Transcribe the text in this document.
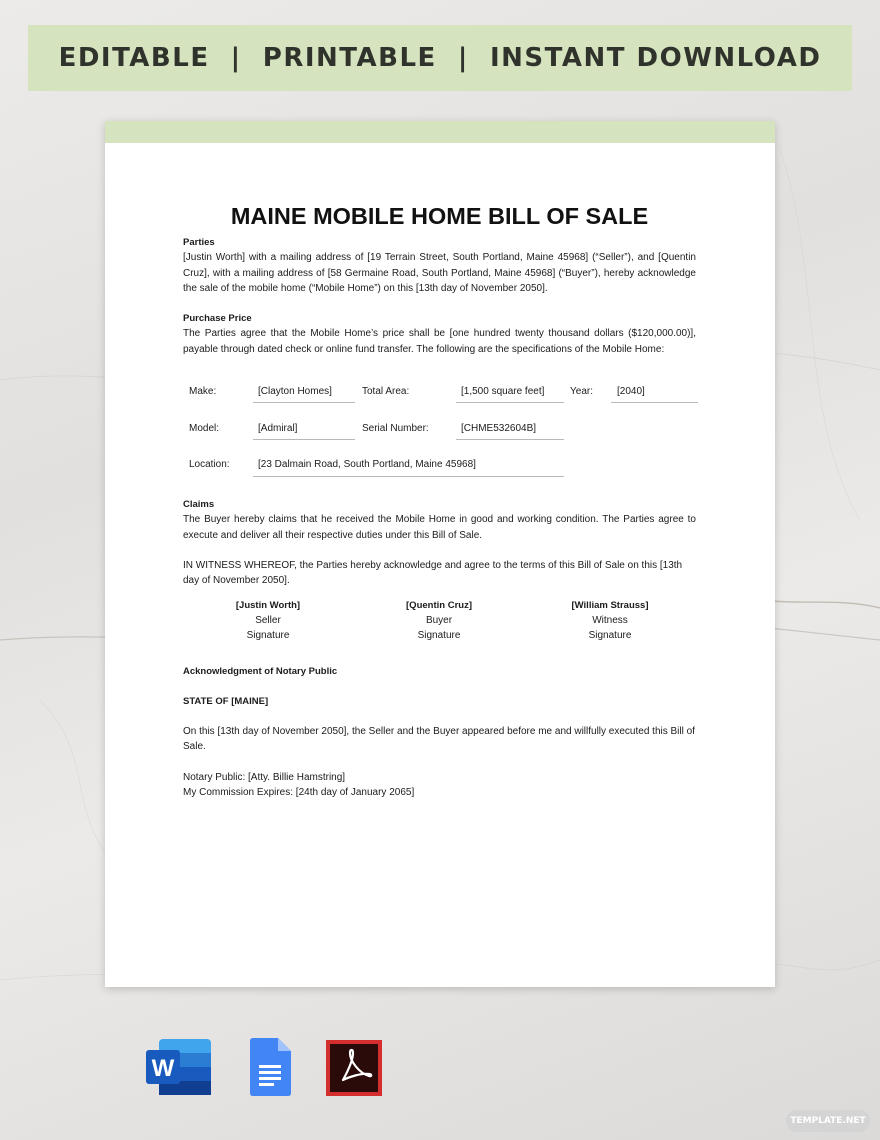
EDITABLE  |  PRINTABLE  |  INSTANT DOWNLOAD
MAINE MOBILE HOME BILL OF SALE

Parties

[Justin Worth] with a mailing address of [19 Terrain Street, South Portland, Maine 45968] (“Seller”), and [Quentin Cruz], with a mailing address of [58 Germaine Road, South Portland, Maine 45968] (“Buyer”), hereby acknowledge the sale of the mobile home (“Mobile Home”) on this [13th day of November 2050].

Purchase Price

The Parties agree that the Mobile Home’s price shall be [one hundred twenty thousand dollars ($120,000.00)], payable through dated check or online fund transfer. The following are the specifications of the Mobile Home:

Make:	[Clayton Homes]	Total Area:	[1,500 square feet]	Year: [2040]
Model:	[Admiral]	Serial Number:	[CHME532604B]
Location:	[23 Dalmain Road, South Portland, Maine 45968]

Claims

The Buyer hereby claims that he received the Mobile Home in good and working condition. The Parties agree to execute and deliver all their respective duties under this Bill of Sale.

IN WITNESS WHEREOF, the Parties hereby acknowledge and agree to the terms of this Bill of Sale on this [13th day of November 2050].

[Justin Worth]
Seller
Signature
[Quentin Cruz]
Buyer
Signature
[William Strauss]
Witness
Signature

Acknowledgment of Notary Public

STATE OF [MAINE]

On this [13th day of November 2050], the Seller and the Buyer appeared before me and willfully executed this Bill of Sale.

Notary Public: [Atty. Billie Hamstring]

My Commission Expires: [24th day of January 2065]

W
TEMPLATE.NET
